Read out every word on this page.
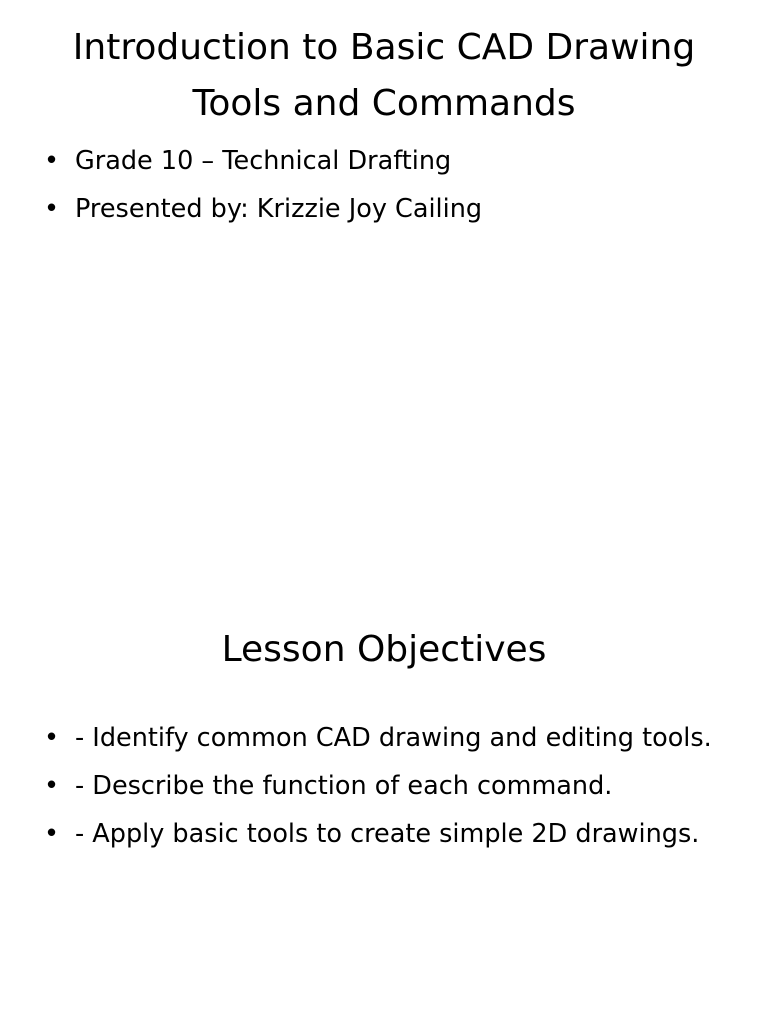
Introduction to Basic CAD Drawing Tools and Commands
• Grade 10 – Technical Drafting
• Presented by: Krizzie Joy Cailing
Lesson Objectives
• - Identify common CAD drawing and editing tools.
• - Describe the function of each command.
• - Apply basic tools to create simple 2D drawings.
